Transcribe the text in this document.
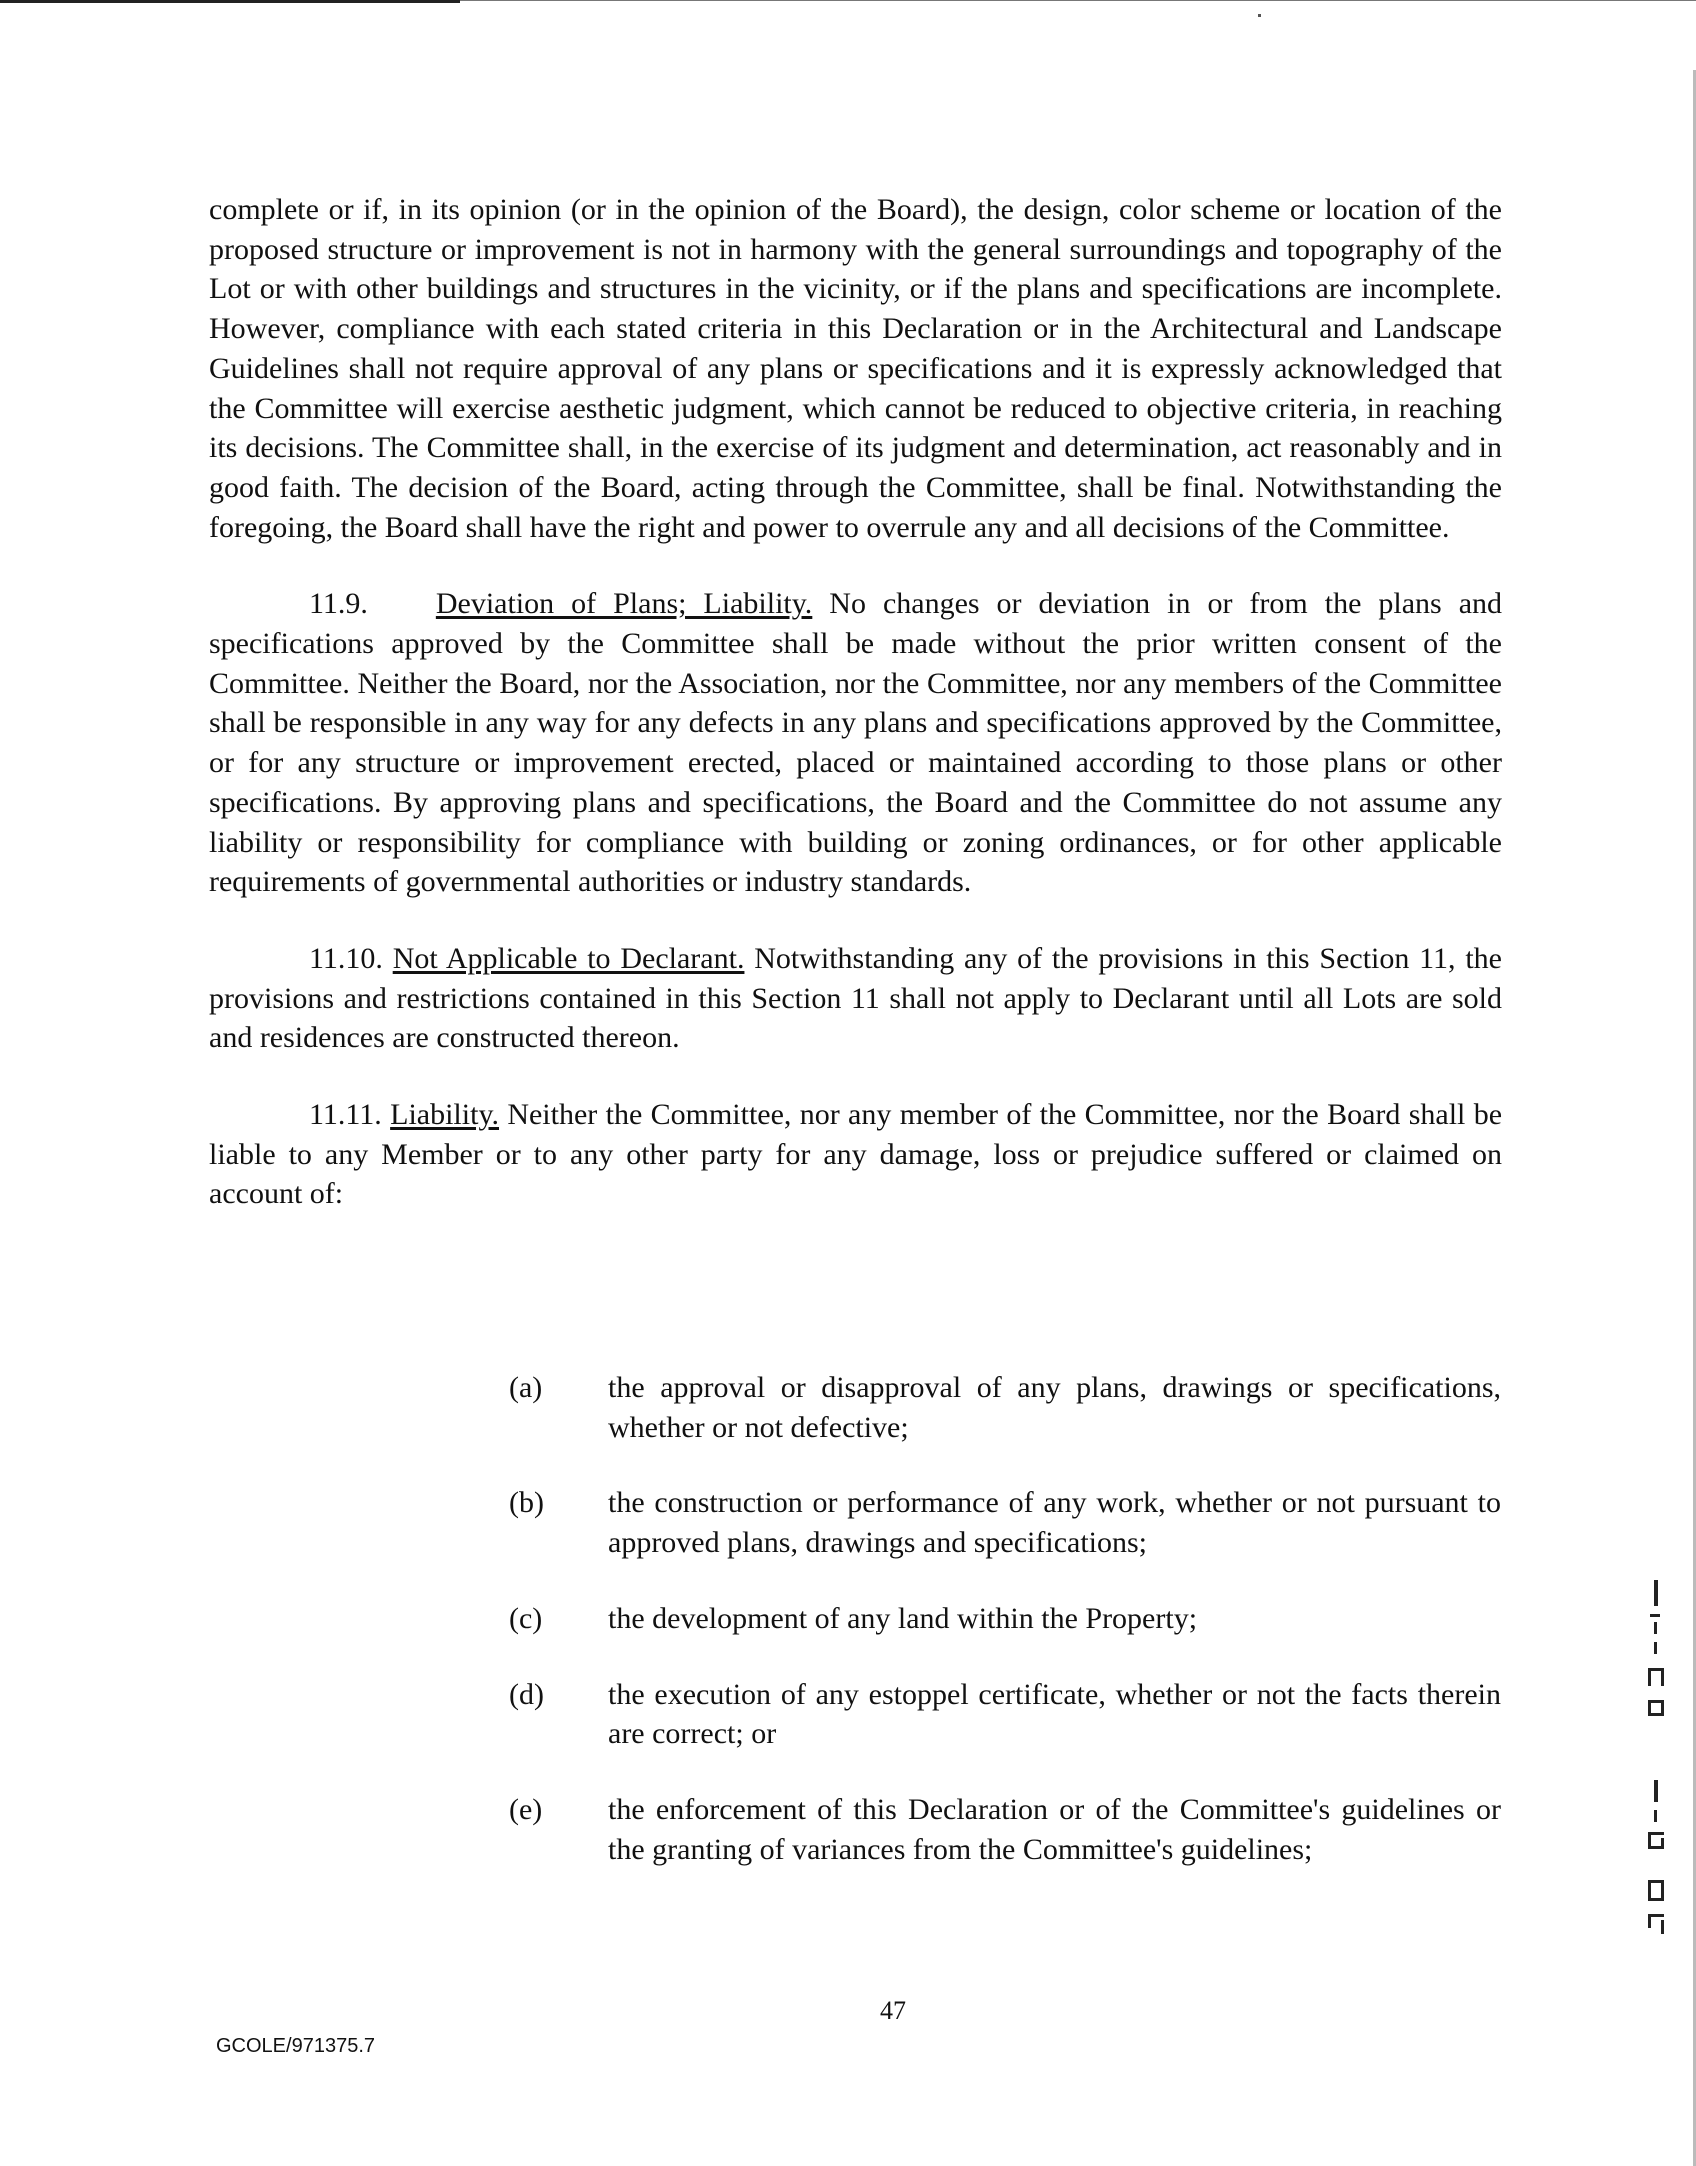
complete or if, in its opinion (or in the opinion of the Board), the design, color scheme or location of the proposed structure or improvement is not in harmony with the general surroundings and topography of the Lot or with other buildings and structures in the vicinity, or if the plans and specifications are incomplete. However, compliance with each stated criteria in this Declaration or in the Architectural and Landscape Guidelines shall not require approval of any plans or specifications and it is expressly acknowledged that the Committee will exercise aesthetic judgment, which cannot be reduced to objective criteria, in reaching its decisions. The Committee shall, in the exercise of its judgment and determination, act reasonably and in good faith. The decision of the Board, acting through the Committee, shall be final. Notwithstanding the foregoing, the Board shall have the right and power to overrule any and all decisions of the Committee.

11.9. Deviation of Plans; Liability. No changes or deviation in or from the plans and specifications approved by the Committee shall be made without the prior written consent of the Committee. Neither the Board, nor the Association, nor the Committee, nor any members of the Committee shall be responsible in any way for any defects in any plans and specifications approved by the Committee, or for any structure or improvement erected, placed or maintained according to those plans or other specifications. By approving plans and specifications, the Board and the Committee do not assume any liability or responsibility for compliance with building or zoning ordinances, or for other applicable requirements of governmental authorities or industry standards.

11.10. Not Applicable to Declarant. Notwithstanding any of the provisions in this Section 11, the provisions and restrictions contained in this Section 11 shall not apply to Declarant until all Lots are sold and residences are constructed thereon.

11.11. Liability. Neither the Committee, nor any member of the Committee, nor the Board shall be liable to any Member or to any other party for any damage, loss or prejudice suffered or claimed on account of:

(a)	the approval or disapproval of any plans, drawings or specifications, whether or not defective;
(b)	the construction or performance of any work, whether or not pursuant to approved plans, drawings and specifications;
(c)	the development of any land within the Property;
(d)	the execution of any estoppel certificate, whether or not the facts therein are correct; or
(e)	the enforcement of this Declaration or of the Committee's guidelines or the granting of variances from the Committee's guidelines;
47
GCOLE/971375.7
